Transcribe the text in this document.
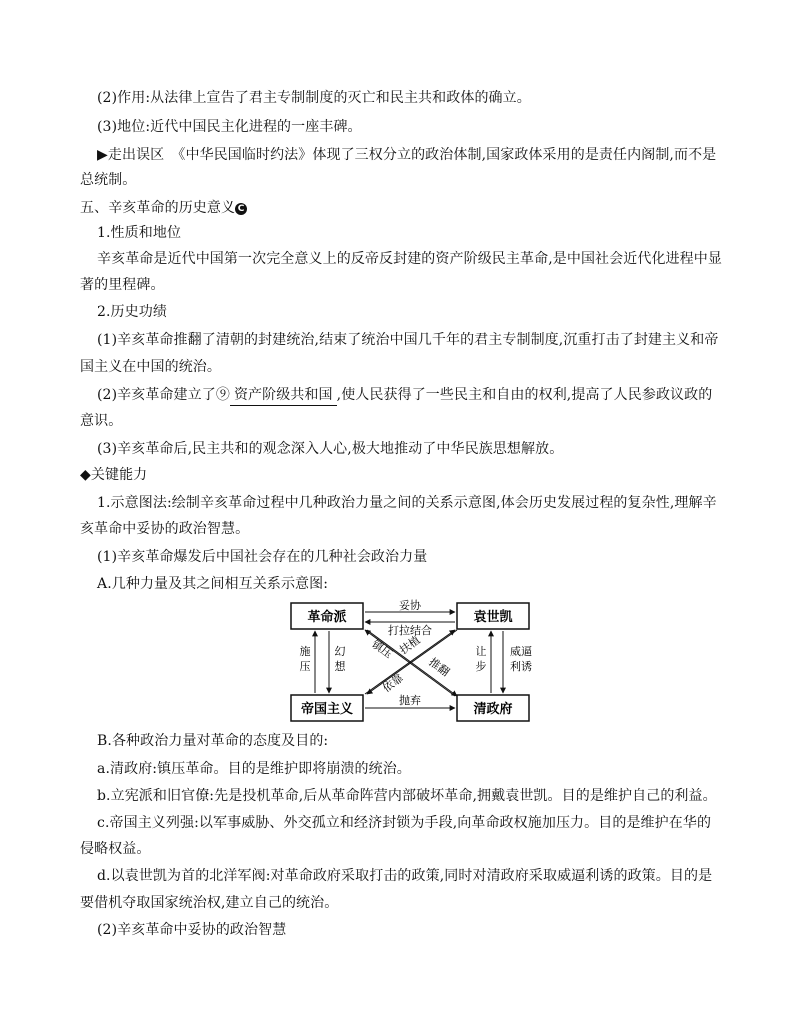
(2)作用:从法律上宣告了君主专制制度的灭亡和民主共和政体的确立。
(3)地位:近代中国民主化进程的一座丰碑。
▶走出误区　《中华民国临时约法》体现了三权分立的政治体制,国家政体采用的是责任内阁制,而不是
总统制。
五、辛亥革命的历史意义 C
1.性质和地位
辛亥革命是近代中国第一次完全意义上的反帝反封建的资产阶级民主革命,是中国社会近代化进程中显
著的里程碑。
2.历史功绩
(1)辛亥革命推翻了清朝的封建统治,结束了统治中国几千年的君主专制制度,沉重打击了封建主义和帝
国主义在中国的统治。
(2)辛亥革命建立了⑨ 资产阶级共和国 ,使人民获得了一些民主和自由的权利,提高了人民参政议政的
意识。
(3)辛亥革命后,民主共和的观念深入人心,极大地推动了中华民族思想解放。
◆关键能力
1.示意图法:绘制辛亥革命过程中几种政治力量之间的关系示意图,体会历史发展过程的复杂性,理解辛
亥革命中妥协的政治智慧。
(1)辛亥革命爆发后中国社会存在的几种社会政治力量
A.几种力量及其之间相互关系示意图:
革命派	袁世凯
帝国主义	清政府
妥协
打拉结合
抛弃
施
压
幻
想
让
步
威逼
利诱
镇压 扶植
依靠
推翻
B.各种政治力量对革命的态度及目的:
a.清政府:镇压革命。目的是维护即将崩溃的统治。
b.立宪派和旧官僚:先是投机革命,后从革命阵营内部破坏革命,拥戴袁世凯。目的是维护自己的利益。
c.帝国主义列强:以军事威胁、外交孤立和经济封锁为手段,向革命政权施加压力。目的是维护在华的
侵略权益。
d.以袁世凯为首的北洋军阀:对革命政府采取打击的政策,同时对清政府采取威逼利诱的政策。目的是
要借机夺取国家统治权,建立自己的统治。
(2)辛亥革命中妥协的政治智慧
